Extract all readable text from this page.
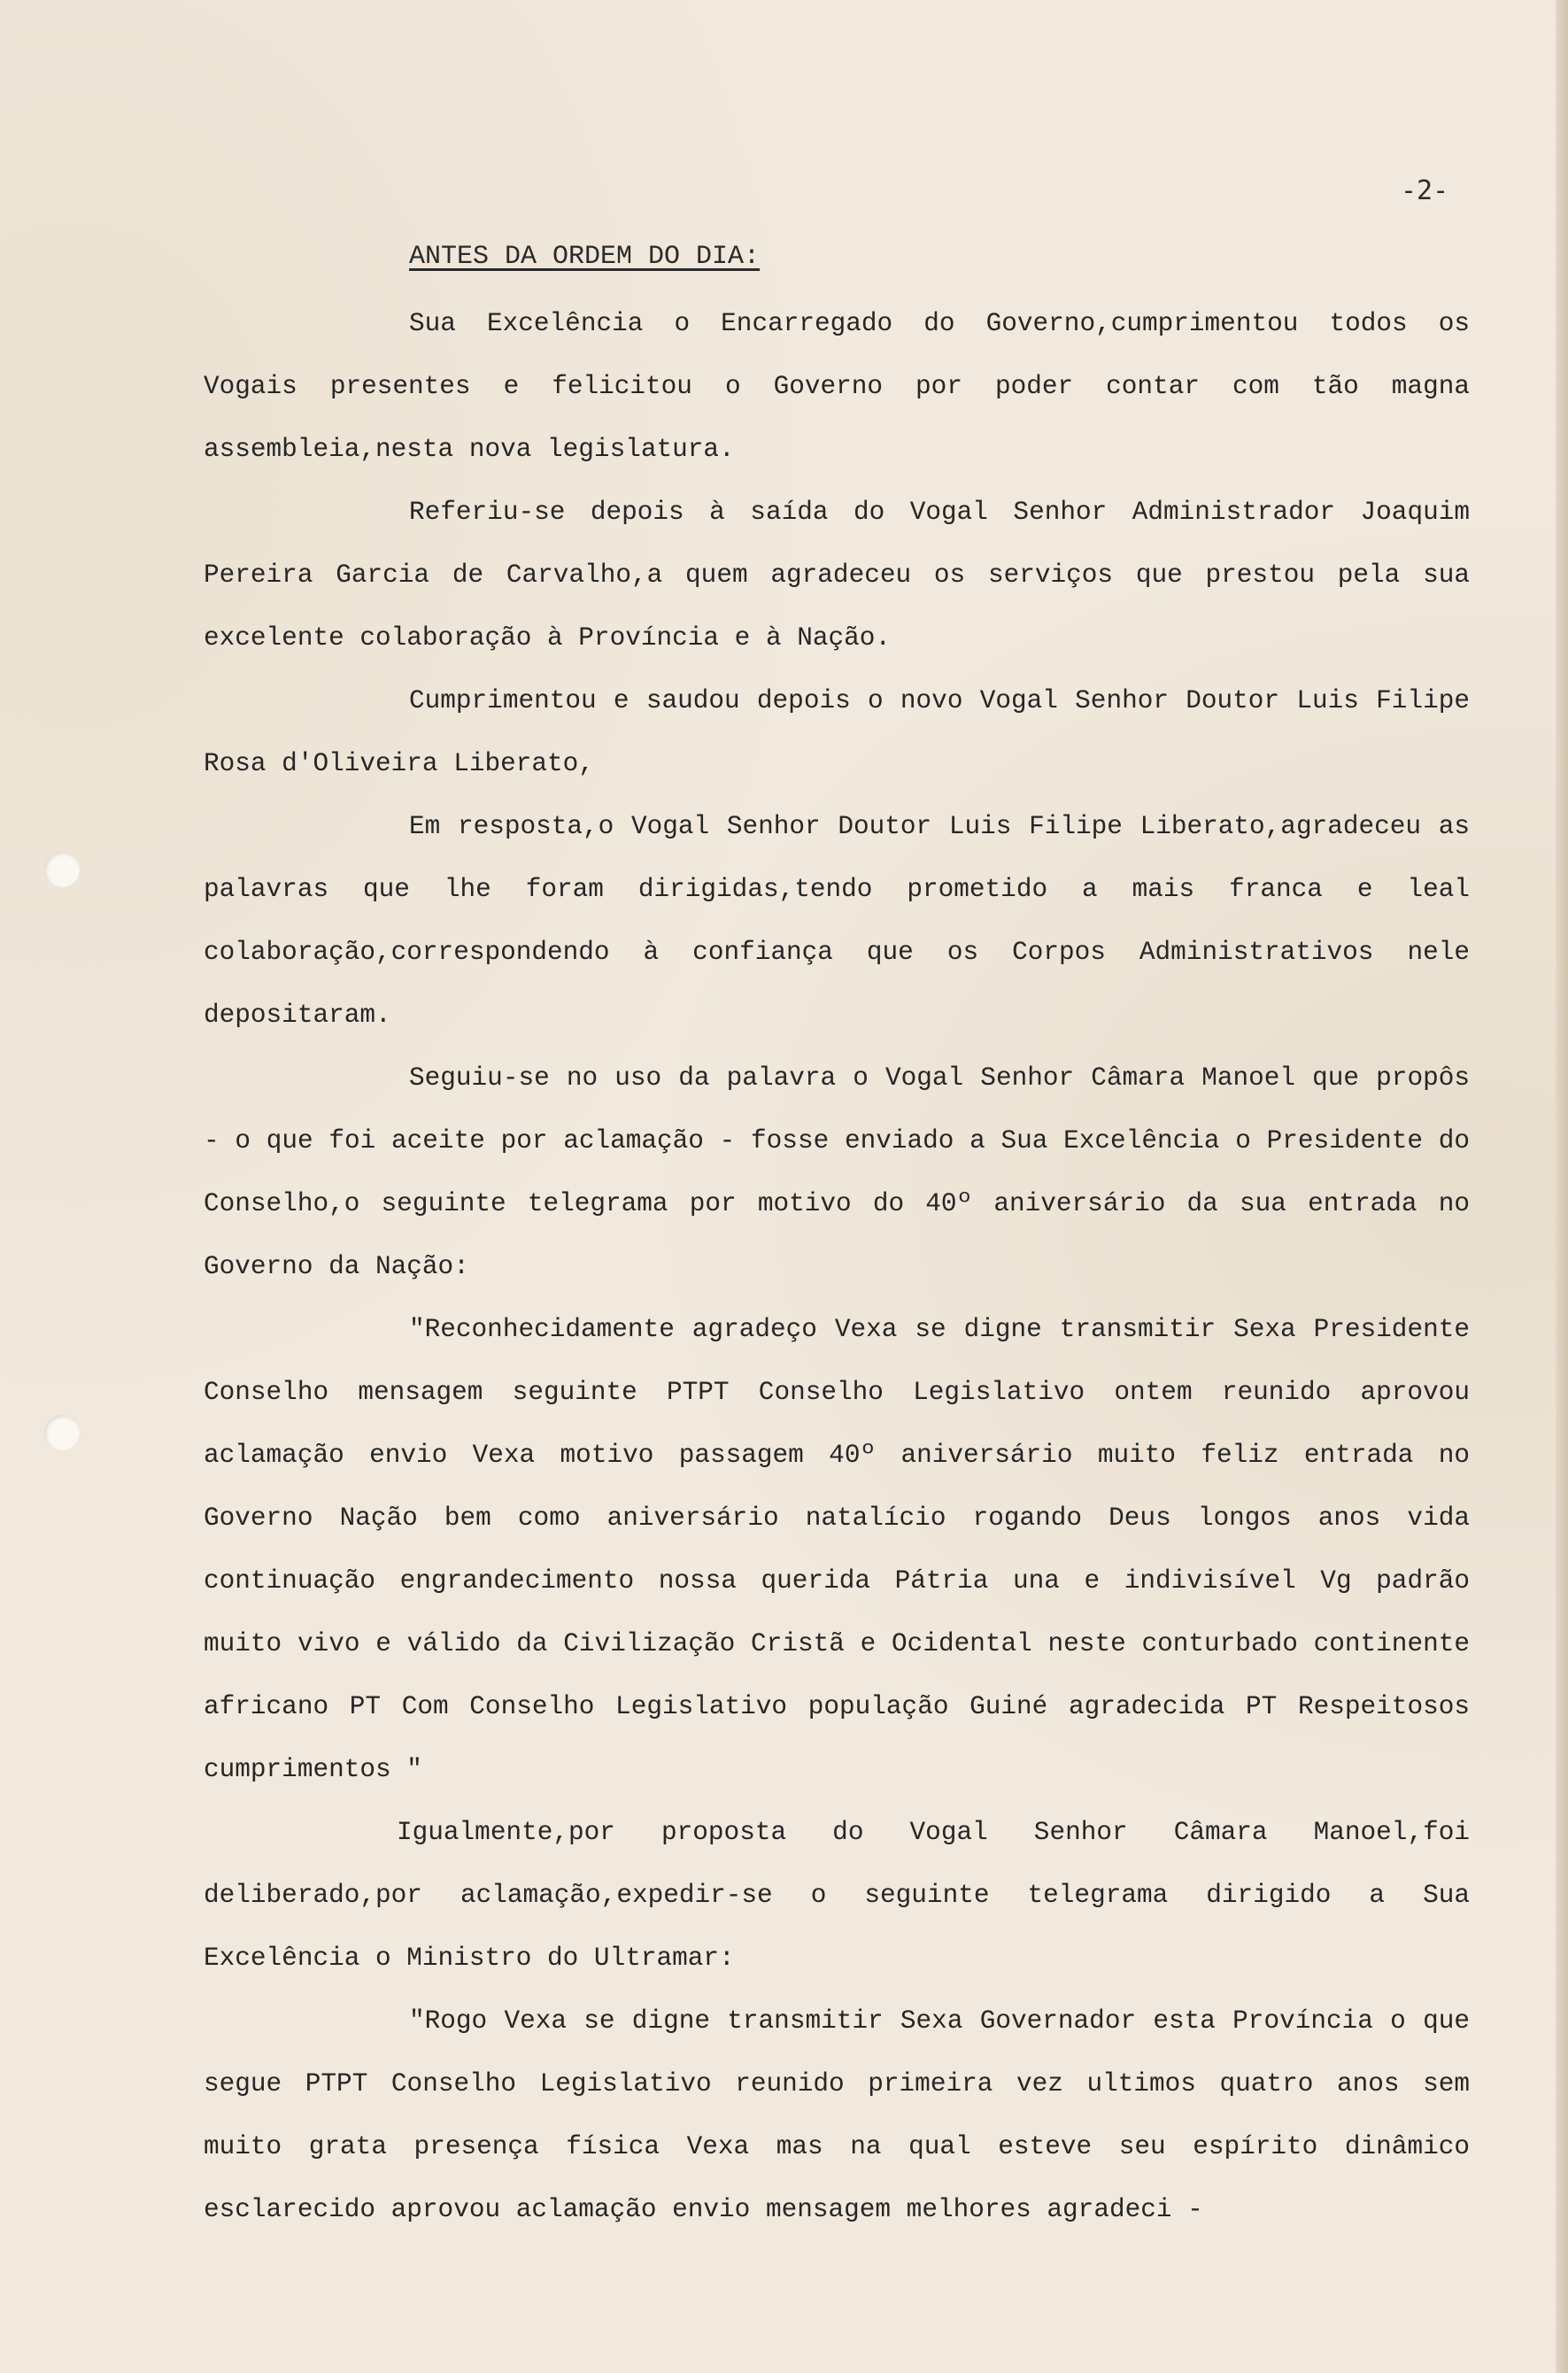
-2-
ANTES DA ORDEM DO DIA:

Sua Excelência o Encarregado do Governo,cumprimentou todos os Vogais presentes e felicitou o Governo por poder contar com tão magna assembleia,nesta nova legislatura.

Referiu-se depois à saída do Vogal Senhor Administrador Joaquim Pereira Garcia de Carvalho,a quem agradeceu os serviços que prestou pela sua excelente colaboração à Província e à Nação.

Cumprimentou e saudou depois o novo Vogal Senhor Doutor Luis Filipe Rosa d'Oliveira Liberato,

Em resposta,o Vogal Senhor Doutor Luis Filipe Liberato,agradeceu as palavras que lhe foram dirigidas,tendo prometido a mais franca e leal colaboração,correspondendo à confiança que os Corpos Administrativos nele depositaram.

Seguiu-se no uso da palavra o Vogal Senhor Câmara Manoel que propôs - o que foi aceite por aclamação - fosse enviado a Sua Excelência o Presidente do Conselho,o seguinte telegrama por motivo do 40º aniversário da sua entrada no Governo da Nação:

"Reconhecidamente agradeço Vexa se digne transmitir Sexa Presidente Conselho mensagem seguinte PTPT Conselho Legislativo ontem reunido aprovou aclamação envio Vexa motivo passagem 40º aniversário muito feliz entrada no Governo Nação bem como aniversário natalício rogando Deus longos anos vida continuação engrandecimento nossa querida Pátria una e indivisível Vg padrão muito vivo e válido da Civilização Cristã e Ocidental neste conturbado continente africano PT Com Conselho Legislativo população Guiné agradecida PT Respeitosos cumprimentos "

Igualmente,por proposta do Vogal Senhor Câmara Manoel,foi deliberado,por aclamação,expedir-se o seguinte telegrama dirigido a Sua Excelência o Ministro do Ultramar:

"Rogo Vexa se digne transmitir Sexa Governador esta Província o que segue PTPT Conselho Legislativo reunido primeira vez ultimos quatro anos sem muito grata presença física Vexa mas na qual esteve seu espírito dinâmico esclarecido aprovou aclamação envio mensagem melhores agradeci -
